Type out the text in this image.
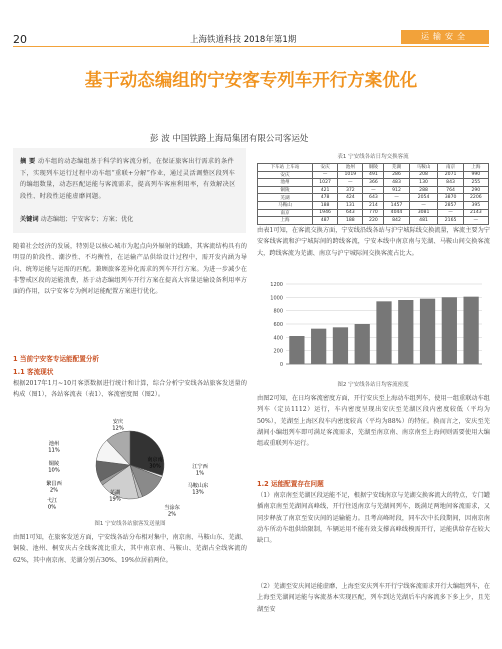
20	上海铁道科技 2018年第1期	运输安全
基于动态编组的宁安客专列车开行方案优化
彭 波 中国铁路上海局集团有限公司客运处
摘 要 动车组的动态编组基于科学的客流分析，在保证旅客出行需求的条件下，实现列车运行过程中动车组“重联+分解”作业，通过灵活调整区段列车的编组数量，动态匹配运能与客流需求，提高列车客座利用率，有效解决区段性、时段性运能虚靡问题。
关键词 动态编组；宁安客专；方案；优化
随着社会经济的发展，特别是以核心城市为起点向外辐射的线路，其客流结构具有的明显的阶段性、潮汐性、不均衡性，在运输产品供给设计过程中，需开发内涵为导向、统筹运能与运需的匹配。兼顾旅客差异化需求的列车开行方案。为进一步减少在非警戒区段的运能浪费，基于动态编组列车开行方案在提高大容量运输设备利用率方面的作用，以宁安客专为例对运能配置方案进行优化。
1 当前宁安客专运能配置分析
1.1 客流现状
根据2017年1月~10月客票数据进行统计和计算，综合分析宁安线各站旅客发送量的构成（图1），各站客流表（表1）、客流密度图（图2）。
南京南
30%	江宁西
1%
马鞍山东
13%
当涂东
2%
芜湖
19%
弋江
0%
繁昌西
2%
铜陵
10%
池州
11%
安庆
12%
图1 宁安线各站旅客发送量图
由图1可知，在旅客发送方面，宁安线各站分布相对集中，南京南、马鞍山东、芜湖、铜陵、池州、桐安庆占全线客流比重大，其中南京南、马鞍山、芜湖占全线客流的62%，其中南京南、芜湖分别占30%、19%位居前两位。
表1 宁安线各站日均交换客流
下车站 上车站	安庆	池州	铜陵	芜湖	马鞍山	南京	上海
安庆	—	1019	491	286	208	2071	990
池州	1027	—	366	483	130	843	255
铜陵	421	372	—	912	288	764	290
芜湖	478	424	643	—	2054	3870	2206
马鞍山	188	131	214	1457	—	2857	395
南京	1946	643	770	4044	3081	—	2143
上海	487	188	220	842	481	2165	—
由表1可知，在客流交换方面，宁安线沿线各站与沪宁城际线交换流量，客流主要为宁安客线客流和沪宁城际间的跨线客流，宁安本线中南京南与芜湖、马鞍山间交换客流大，跨线客流为芜湖、南京与沪宁城际间交换客流占比大。
0
200
400
600
800
1000
1200
图2 宁安线各站日均客流密度
由图2可知，在日均客流密度方面，开行安庆至上海动车组列车，使用一组重联动车组列车（定员1112）运行，车内密度呈现出安庆至芜湖区段内密度较低（平均为50%），芜湖至上海区段车内密度较高（平均为88%）的特征。换而言之，安庆至芜湖间小编组列车即可满足客流需求，芜湖至南京南、南京南至上海间则需要使用大编组或重联列车运行。
1.2 运能配置存在问题
（1）南京南至芜湖区段运能不足，根据宁安线南京与芜湖交换客流大的特点，专门罐插南京南至芜湖间高峰线，开行往返南京与芜湖间列车，既满足两地间客流需求，又同步释放了南京至安庆间的运输能力。且考高峰时段，同车次中长段期间，因南京南动车所动车组供给限制，车辆运用不能有效支撑高峰线模需开行，运能供给存在较大缺口。
（2）芜湖至安庆间运能虚靡，上海至安庆列车开行宁线客流需求开行大编组列车，在上海至芜湖间运能与客流基本实现匹配，列车到达芜湖后车内客流多下多上少，且芜湖至安
